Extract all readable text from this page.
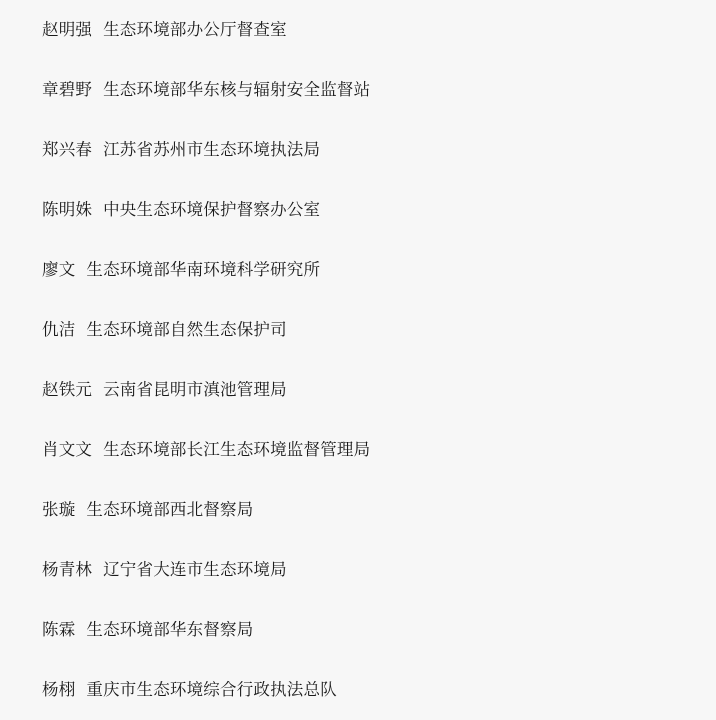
赵明强 生态环境部办公厅督查室
章碧野 生态环境部华东核与辐射安全监督站
郑兴春 江苏省苏州市生态环境执法局
陈明姝 中央生态环境保护督察办公室
廖文 生态环境部华南环境科学研究所
仇洁 生态环境部自然生态保护司
赵铁元 云南省昆明市滇池管理局
肖文文 生态环境部长江生态环境监督管理局
张璇 生态环境部西北督察局
杨青林 辽宁省大连市生态环境局
陈霖 生态环境部华东督察局
杨栩 重庆市生态环境综合行政执法总队
